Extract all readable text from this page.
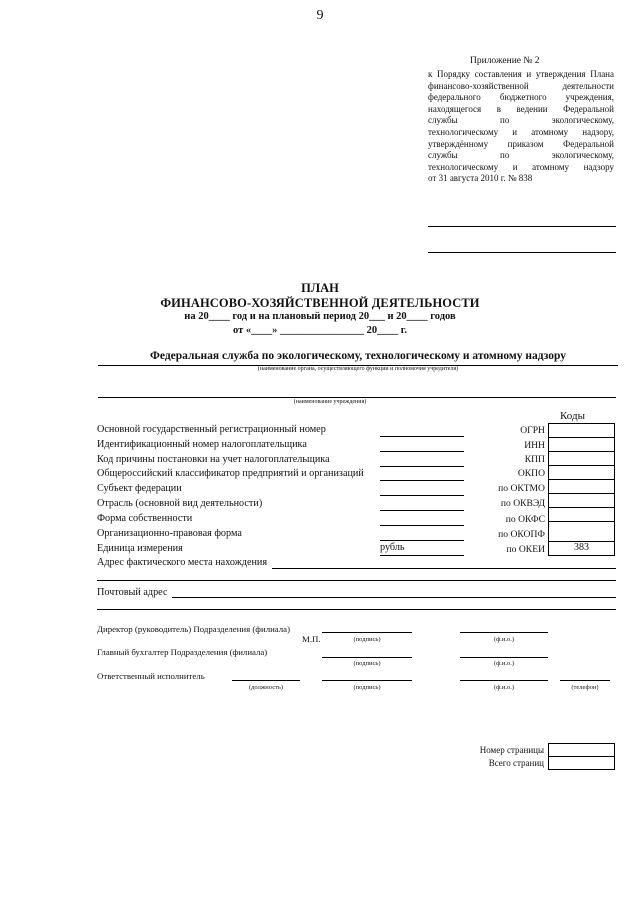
9
Приложение № 2
к Порядку составления и утверждения Плана
финансово-хозяйственной деятельности
федерального бюджетного учреждения,
находящегося в ведении Федеральной
службы по экологическому,
технологическому и атомному надзору,
утверждённому приказом Федеральной
службы по экологическому,
технологическому и атомному надзору
от 31 августа 2010 г. № 838
ПЛАН
ФИНАНСОВО-ХОЗЯЙСТВЕННОЙ ДЕЯТЕЛЬНОСТИ
на 20____ год и на плановый период 20___ и 20____ годов
от «____» ________________ 20____ г.
Федеральная служба по экологическому, технологическому и атомному надзору
(наименование органа, осуществляющего функции и полномочия учредителя)
(наименование учреждения)
Коды
Основной государственный регистрационный номер	ОГРН
Идентификационный номер налогоплательщика	ИНН
Код причины постановки на учет налогоплательщика	КПП
Общероссийский классификатор предприятий и организаций	ОКПО
Субъект федерации	по ОКТМО
Отрасль (основной вид деятельности)	по ОКВЭД
Форма собственности	по ОКФС
Организационно-правовая форма	по ОКОПФ
Единица измерения	рубль	по ОКЕИ	383
Адрес фактического места нахождения
Почтовый адрес
Директор (руководитель) Подразделения (филиала)
М.П.	(подпись)	(ф.и.о.)
Главный бухгалтер Подразделения (филиала)
(подпись)	(ф.и.о.)
Ответственный исполнитель
(должность)	(подпись)	(ф.и.о.)	(телефон)
Номер страницы
Всего страниц
